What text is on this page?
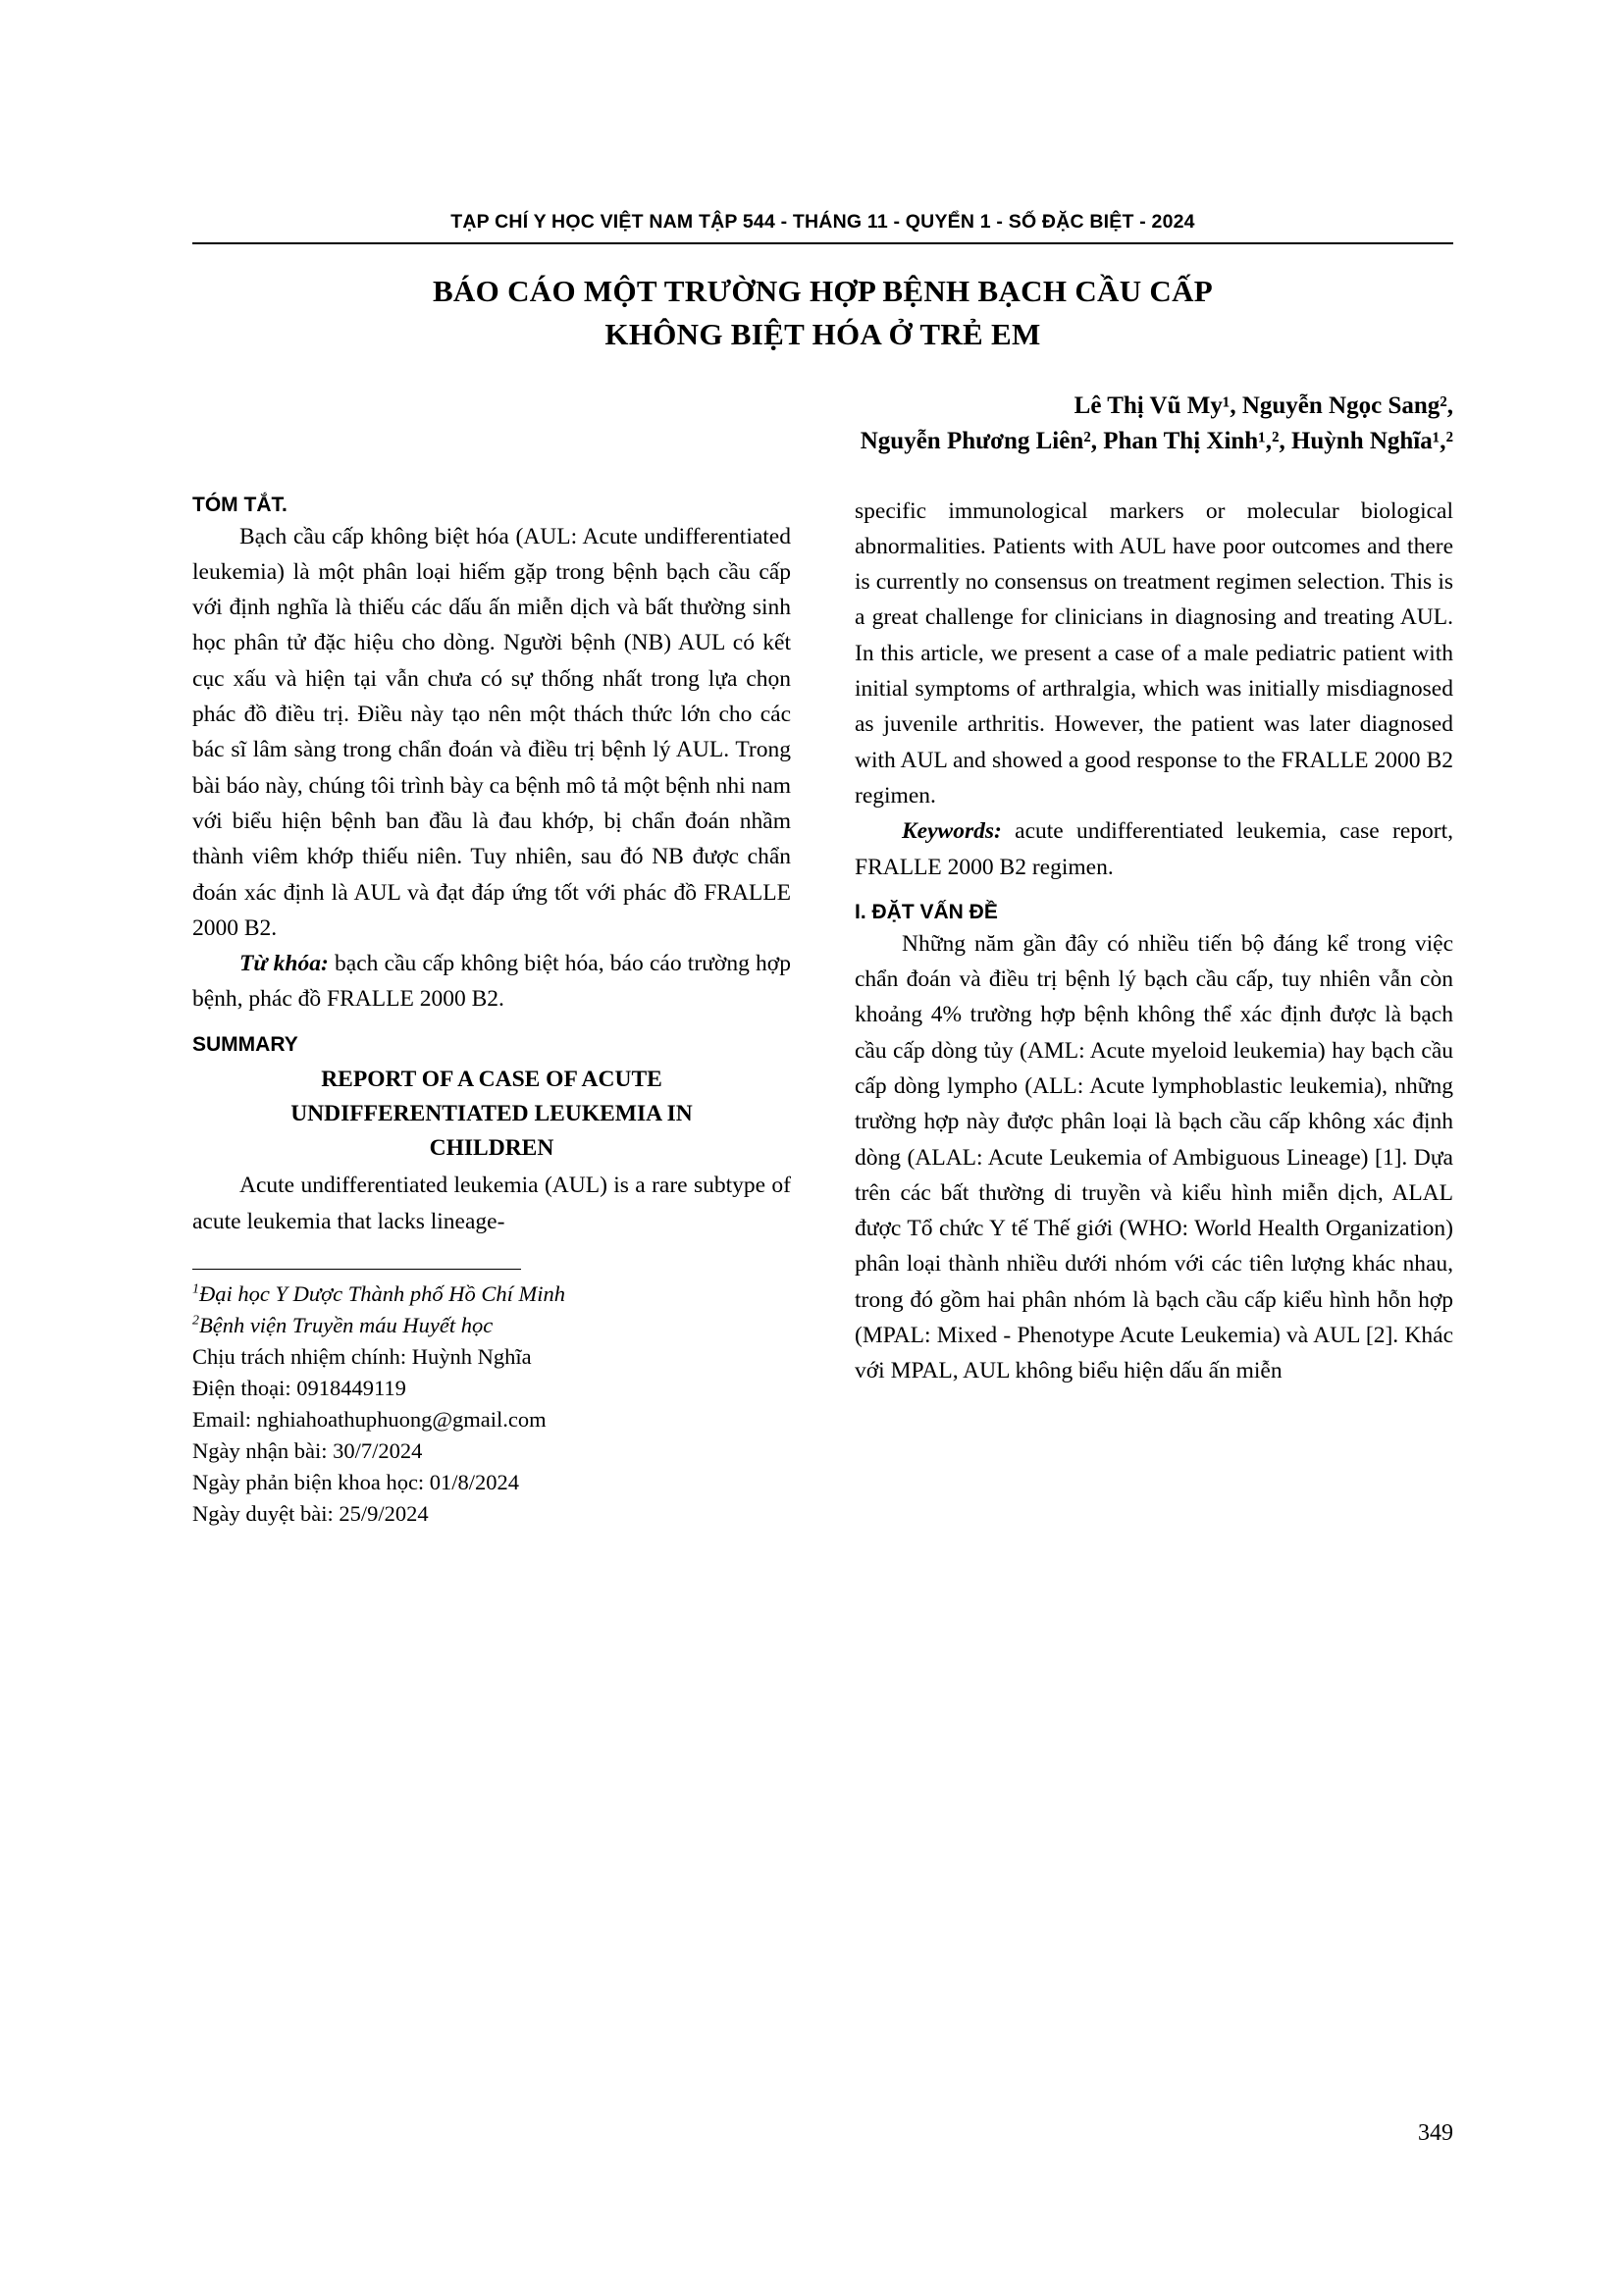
TẠP CHÍ Y HỌC VIỆT NAM TẬP 544 - THÁNG 11 - QUYỂN 1 - SỐ ĐẶC BIỆT - 2024
BÁO CÁO MỘT TRƯỜNG HỢP BỆNH BẠCH CẦU CẤP
KHÔNG BIỆT HÓA Ở TRẺ EM
Lê Thị Vũ My¹, Nguyễn Ngọc Sang²,
Nguyễn Phương Liên², Phan Thị Xinh¹,², Huỳnh Nghĩa¹,²
TÓM TẮT.

Bạch cầu cấp không biệt hóa (AUL: Acute undifferentiated leukemia) là một phân loại hiếm gặp trong bệnh bạch cầu cấp với định nghĩa là thiếu các dấu ấn miễn dịch và bất thường sinh học phân tử đặc hiệu cho dòng. Người bệnh (NB) AUL có kết cục xấu và hiện tại vẫn chưa có sự thống nhất trong lựa chọn phác đồ điều trị. Điều này tạo nên một thách thức lớn cho các bác sĩ lâm sàng trong chẩn đoán và điều trị bệnh lý AUL. Trong bài báo này, chúng tôi trình bày ca bệnh mô tả một bệnh nhi nam với biểu hiện bệnh ban đầu là đau khớp, bị chẩn đoán nhầm thành viêm khớp thiếu niên. Tuy nhiên, sau đó NB được chẩn đoán xác định là AUL và đạt đáp ứng tốt với phác đồ FRALLE 2000 B2.

Từ khóa: bạch cầu cấp không biệt hóa, báo cáo trường hợp bệnh, phác đồ FRALLE 2000 B2.

SUMMARY
REPORT OF A CASE OF ACUTE
UNDIFFERENTIATED LEUKEMIA IN
CHILDREN

Acute undifferentiated leukemia (AUL) is a rare subtype of acute leukemia that lacks lineage-

$^1$Đại học Y Dược Thành phố Hồ Chí Minh
$^2$Bệnh viện Truyền máu Huyết học
Chịu trách nhiệm chính: Huỳnh Nghĩa
Điện thoại: 0918449119
Email: nghiahoathuphuong@gmail.com
Ngày nhận bài: 30/7/2024
Ngày phản biện khoa học: 01/8/2024
Ngày duyệt bài: 25/9/2024

specific immunological markers or molecular biological abnormalities. Patients with AUL have poor outcomes and there is currently no consensus on treatment regimen selection. This is a great challenge for clinicians in diagnosing and treating AUL. In this article, we present a case of a male pediatric patient with initial symptoms of arthralgia, which was initially misdiagnosed as juvenile arthritis. However, the patient was later diagnosed with AUL and showed a good response to the FRALLE 2000 B2 regimen.

Keywords: acute undifferentiated leukemia, case report, FRALLE 2000 B2 regimen.

I. ĐẶT VẤN ĐỀ

Những năm gần đây có nhiều tiến bộ đáng kể trong việc chẩn đoán và điều trị bệnh lý bạch cầu cấp, tuy nhiên vẫn còn khoảng 4% trường hợp bệnh không thể xác định được là bạch cầu cấp dòng tủy (AML: Acute myeloid leukemia) hay bạch cầu cấp dòng lympho (ALL: Acute lymphoblastic leukemia), những trường hợp này được phân loại là bạch cầu cấp không xác định dòng (ALAL: Acute Leukemia of Ambiguous Lineage) [1]. Dựa trên các bất thường di truyền và kiểu hình miễn dịch, ALAL được Tổ chức Y tế Thế giới (WHO: World Health Organization) phân loại thành nhiều dưới nhóm với các tiên lượng khác nhau, trong đó gồm hai phân nhóm là bạch cầu cấp kiểu hình hỗn hợp (MPAL: Mixed - Phenotype Acute Leukemia) và AUL [2]. Khác với MPAL, AUL không biểu hiện dấu ấn miễn

349
